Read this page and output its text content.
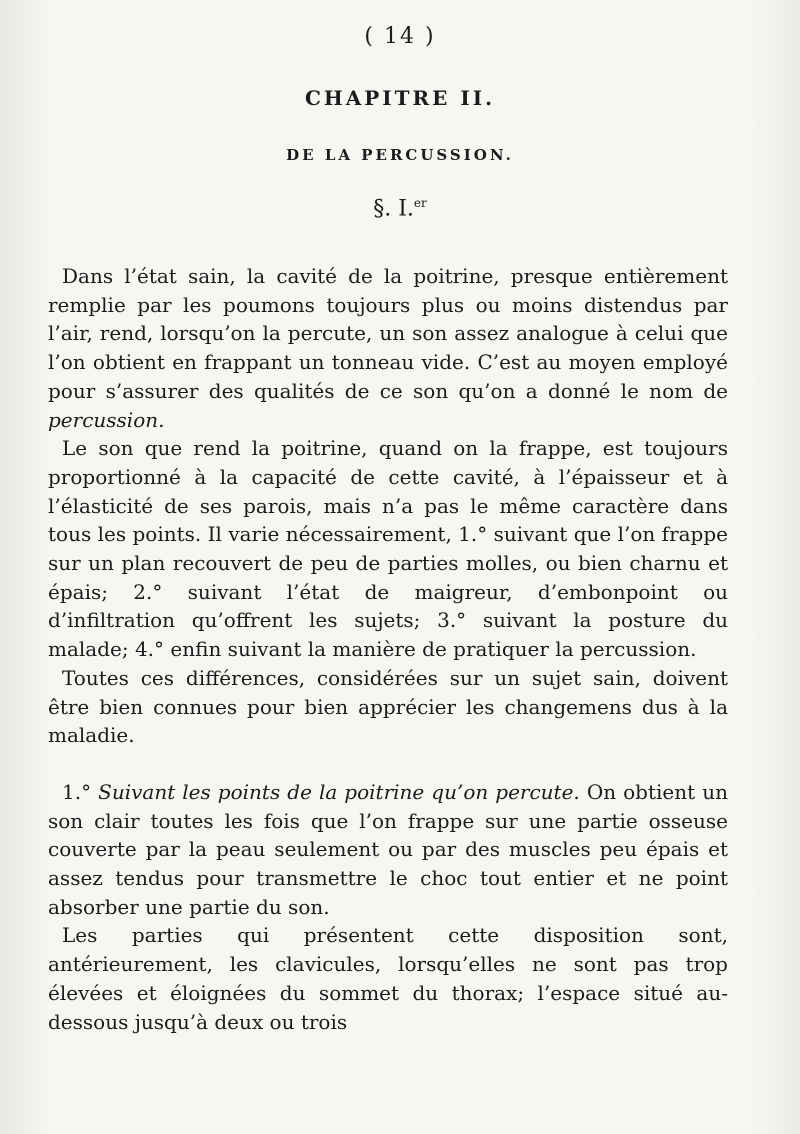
( 14 )
CHAPITRE II.
DE LA PERCUSSION.
§. I.$^{er}$

Dans l’état sain, la cavité de la poitrine, presque entièrement remplie par les poumons toujours plus ou moins distendus par l’air, rend, lorsqu’on la percute, un son assez analogue à celui que l’on obtient en frappant un tonneau vide. C’est au moyen employé pour s’assurer des qualités de ce son qu’on a donné le nom de percussion.

Le son que rend la poitrine, quand on la frappe, est toujours proportionné à la capacité de cette cavité, à l’épaisseur et à l’élasticité de ses parois, mais n’a pas le même caractère dans tous les points. Il varie nécessairement, 1.° suivant que l’on frappe sur un plan recouvert de peu de parties molles, ou bien charnu et épais; 2.° suivant l’état de maigreur, d’embonpoint ou d’infiltration qu’offrent les sujets; 3.° suivant la posture du malade; 4.° enfin suivant la manière de pratiquer la percussion.

Toutes ces différences, considérées sur un sujet sain, doivent être bien connues pour bien apprécier les changemens dus à la maladie.

1.° Suivant les points de la poitrine qu’on percute. On obtient un son clair toutes les fois que l’on frappe sur une partie osseuse couverte par la peau seulement ou par des muscles peu épais et assez tendus pour transmettre le choc tout entier et ne point absorber une partie du son.

Les parties qui présentent cette disposition sont, antérieurement, les clavicules, lorsqu’elles ne sont pas trop élevées et éloignées du sommet du thorax; l’espace situé au-dessous jusqu’à deux ou trois
